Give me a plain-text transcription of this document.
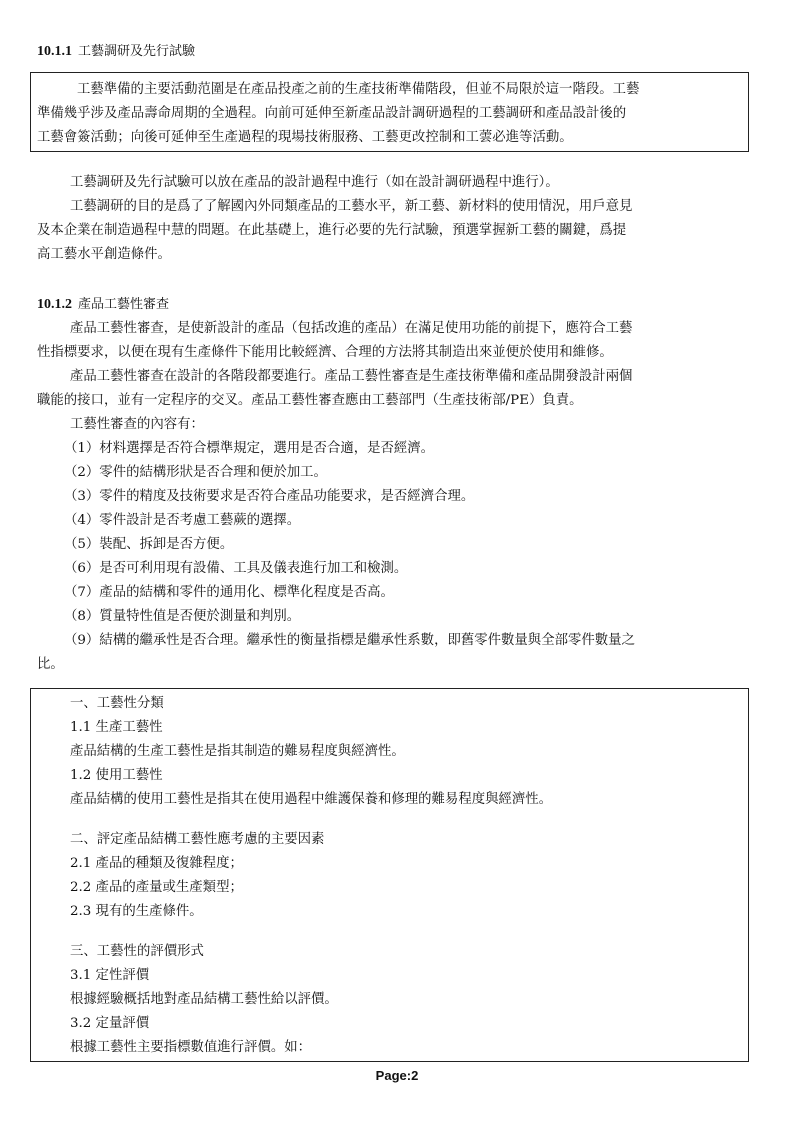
10.1.1 工藝調研及先行試驗
工藝準備的主要活動范圍是在產品投產之前的生產技術準備階段，但並不局限於這一階段。工藝
準備幾乎涉及產品壽命周期的全過程。向前可延伸至新產品設計調研過程的工藝調研和產品設計後的
工藝會簽活動；向後可延伸至生產過程的現場技術服務、工藝更改控制和工蕓必進等活動。
工藝調研及先行試驗可以放在產品的設計過程中進行（如在設計調研過程中進行）。
工藝調研的目的是爲了了解國內外同類產品的工藝水平，新工藝、新材料的使用情況，用戶意見
及本企業在制造過程中慧的問題。在此基礎上，進行必要的先行試驗，預選掌握新工藝的關鍵，爲提
高工藝水平創造條件。
10.1.2 產品工藝性審查
產品工藝性審查，是使新設計的產品（包括改進的產品）在滿足使用功能的前提下，應符合工藝
性指標要求，以便在現有生產條件下能用比較經濟、合理的方法將其制造出來並便於使用和維修。
產品工藝性審查在設計的各階段都要進行。產品工藝性審查是生產技術準備和產品開發設計兩個
職能的接口，並有一定程序的交叉。產品工藝性審查應由工藝部門（生產技術部/PE）負責。
工藝性審查的內容有：
（1）材料選擇是否符合標準規定，選用是否合適，是否經濟。
（2）零件的結構形狀是否合理和便於加工。
（3）零件的精度及技術要求是否符合產品功能要求，是否經濟合理。
（4）零件設計是否考慮工藝蕨的選擇。
（5）裝配、拆卸是否方便。
（6）是否可利用現有設備、工具及儀表進行加工和檢測。
（7）產品的結構和零件的通用化、標準化程度是否高。
（8）質量特性值是否便於測量和判別。
（9）結構的繼承性是否合理。繼承性的衡量指標是繼承性系數，即舊零件數量與全部零件數量之
比。
一、工藝性分類
1.1 生產工藝性
產品結構的生產工藝性是指其制造的難易程度與經濟性。
1.2 使用工藝性
產品結構的使用工藝性是指其在使用過程中維護保養和修理的難易程度與經濟性。
二、評定產品結構工藝性應考慮的主要因素
2.1 產品的種類及復雜程度；
2.2 產品的產量或生產類型；
2.3 現有的生產條件。
三、工藝性的評價形式
3.1 定性評價
根據經驗概括地對產品結構工藝性給以評價。
3.2 定量評價
根據工藝性主要指標數值進行評價。如：
Page:2
